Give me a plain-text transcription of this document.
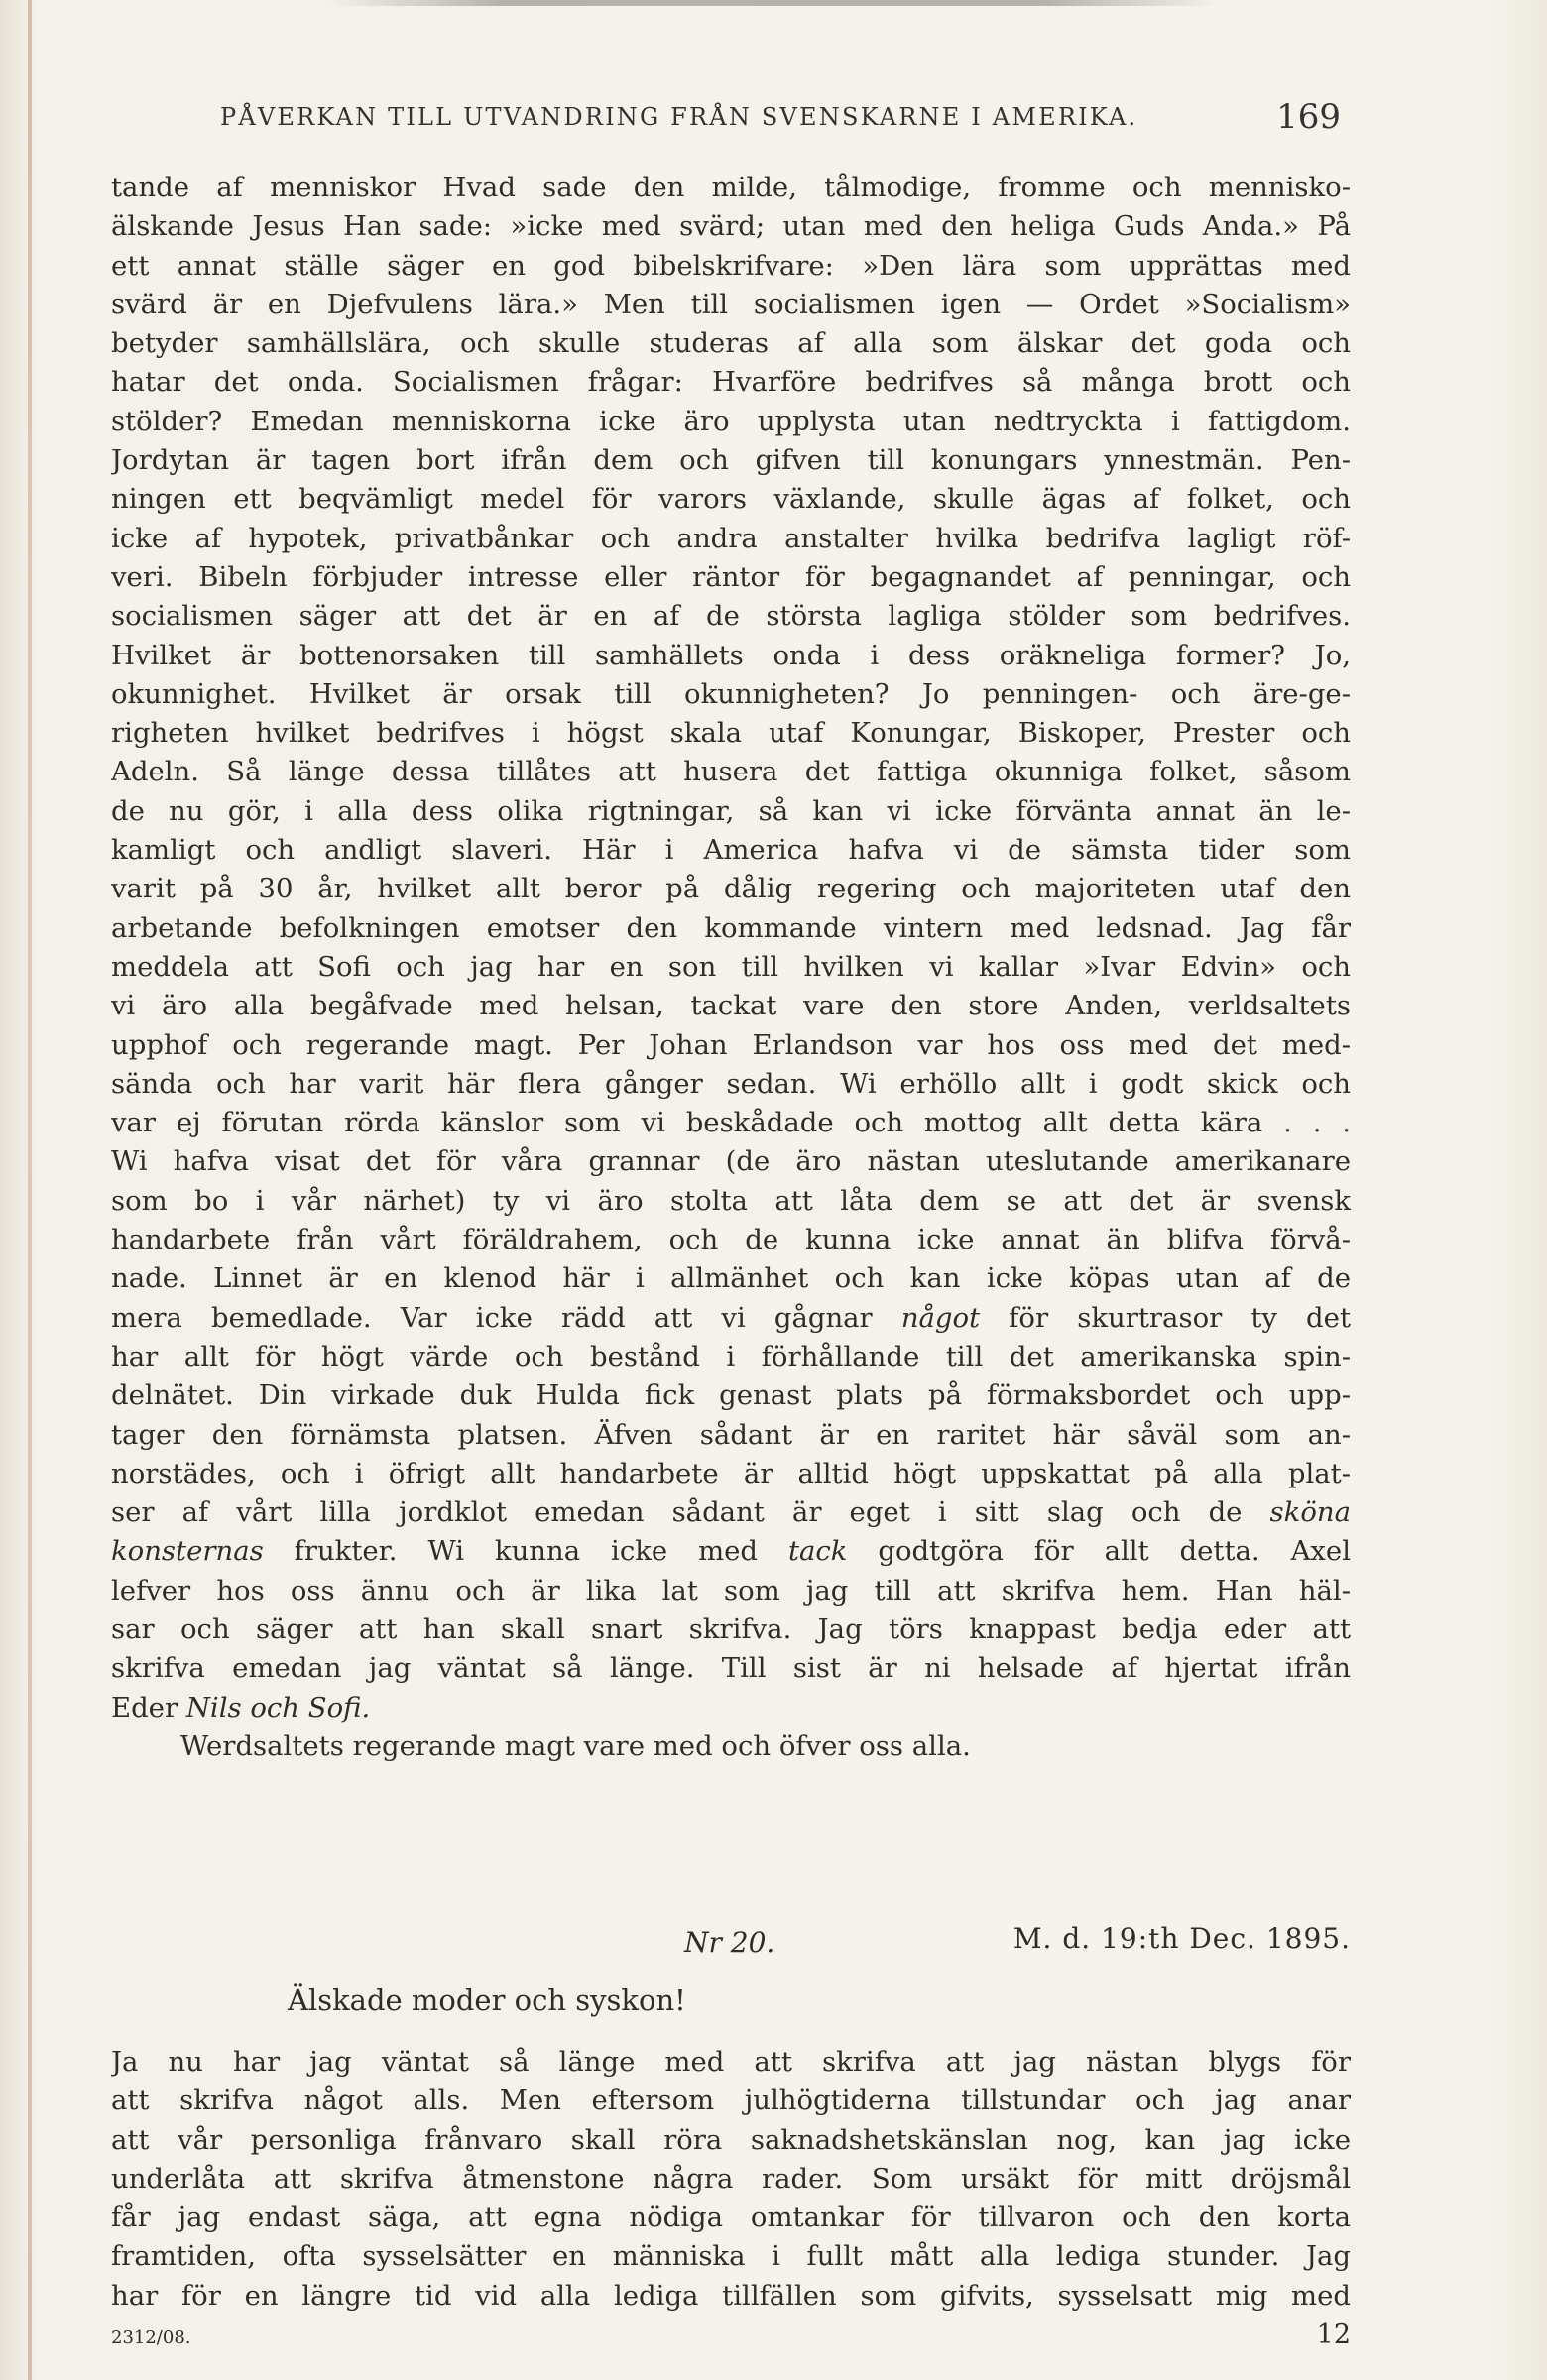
PÅVERKAN TILL UTVANDRING FRÅN SVENSKARNE I AMERIKA.	169
tande af menniskor Hvad sade den milde, tålmodige, fromme och mennisko-
älskande Jesus Han sade: »icke med svärd; utan med den heliga Guds Anda.» På
ett annat ställe säger en god bibelskrifvare: »Den lära som upprättas med
svärd är en Djefvulens lära.» Men till socialismen igen — Ordet »Socialism»
betyder samhällslära, och skulle studeras af alla som älskar det goda och
hatar det onda. Socialismen frågar: Hvarföre bedrifves så många brott och
stölder? Emedan menniskorna icke äro upplysta utan nedtryckta i fattigdom.
Jordytan är tagen bort ifrån dem och gifven till konungars ynnestmän. Pen-
ningen ett beqvämligt medel för varors växlande, skulle ägas af folket, och
icke af hypotek, privatbånkar och andra anstalter hvilka bedrifva lagligt röf-
veri. Bibeln förbjuder intresse eller räntor för begagnandet af penningar, och
socialismen säger att det är en af de största lagliga stölder som bedrifves.
Hvilket är bottenorsaken till samhällets onda i dess oräkneliga former? Jo,
okunnighet. Hvilket är orsak till okunnigheten? Jo penningen- och äre-ge-
righeten hvilket bedrifves i högst skala utaf Konungar, Biskoper, Prester och
Adeln. Så länge dessa tillåtes att husera det fattiga okunniga folket, såsom
de nu gör, i alla dess olika rigtningar, så kan vi icke förvänta annat än le-
kamligt och andligt slaveri. Här i America hafva vi de sämsta tider som
varit på 30 år, hvilket allt beror på dålig regering och majoriteten utaf den
arbetande befolkningen emotser den kommande vintern med ledsnad. Jag får
meddela att Sofi och jag har en son till hvilken vi kallar »Ivar Edvin» och
vi äro alla begåfvade med helsan, tackat vare den store Anden, verldsaltets
upphof och regerande magt. Per Johan Erlandson var hos oss med det med-
sända och har varit här flera gånger sedan. Wi erhöllo allt i godt skick och
var ej förutan rörda känslor som vi beskådade och mottog allt detta kära . . .
Wi hafva visat det för våra grannar (de äro nästan uteslutande amerikanare
som bo i vår närhet) ty vi äro stolta att låta dem se att det är svensk
handarbete från vårt föräldrahem, och de kunna icke annat än blifva förvå-
nade. Linnet är en klenod här i allmänhet och kan icke köpas utan af de
mera bemedlade. Var icke rädd att vi gågnar något för skurtrasor ty det
har allt för högt värde och bestånd i förhållande till det amerikanska spin-
delnätet. Din virkade duk Hulda fick genast plats på förmaksbordet och upp-
tager den förnämsta platsen. Äfven sådant är en raritet här såväl som an-
norstädes, och i öfrigt allt handarbete är alltid högt uppskattat på alla plat-
ser af vårt lilla jordklot emedan sådant är eget i sitt slag och de sköna
konsternas frukter. Wi kunna icke med tack godtgöra för allt detta. Axel
lefver hos oss ännu och är lika lat som jag till att skrifva hem. Han häl-
sar och säger att han skall snart skrifva. Jag törs knappast bedja eder att
skrifva emedan jag väntat så länge. Till sist är ni helsade af hjertat ifrån
Eder Nils och Sofi.
Werdsaltets regerande magt vare med och öfver oss alla.
Nr 20.	M. d. 19:th Dec. 1895.
Älskade moder och syskon!
Ja nu har jag väntat så länge med att skrifva att jag nästan blygs för
att skrifva något alls. Men eftersom julhögtiderna tillstundar och jag anar
att vår personliga frånvaro skall röra saknadshetskänslan nog, kan jag icke
underlåta att skrifva åtmenstone några rader. Som ursäkt för mitt dröjsmål
får jag endast säga, att egna nödiga omtankar för tillvaron och den korta
framtiden, ofta sysselsätter en människa i fullt mått alla lediga stunder. Jag
har för en längre tid vid alla lediga tillfällen som gifvits, sysselsatt mig med
2312/08.	12
